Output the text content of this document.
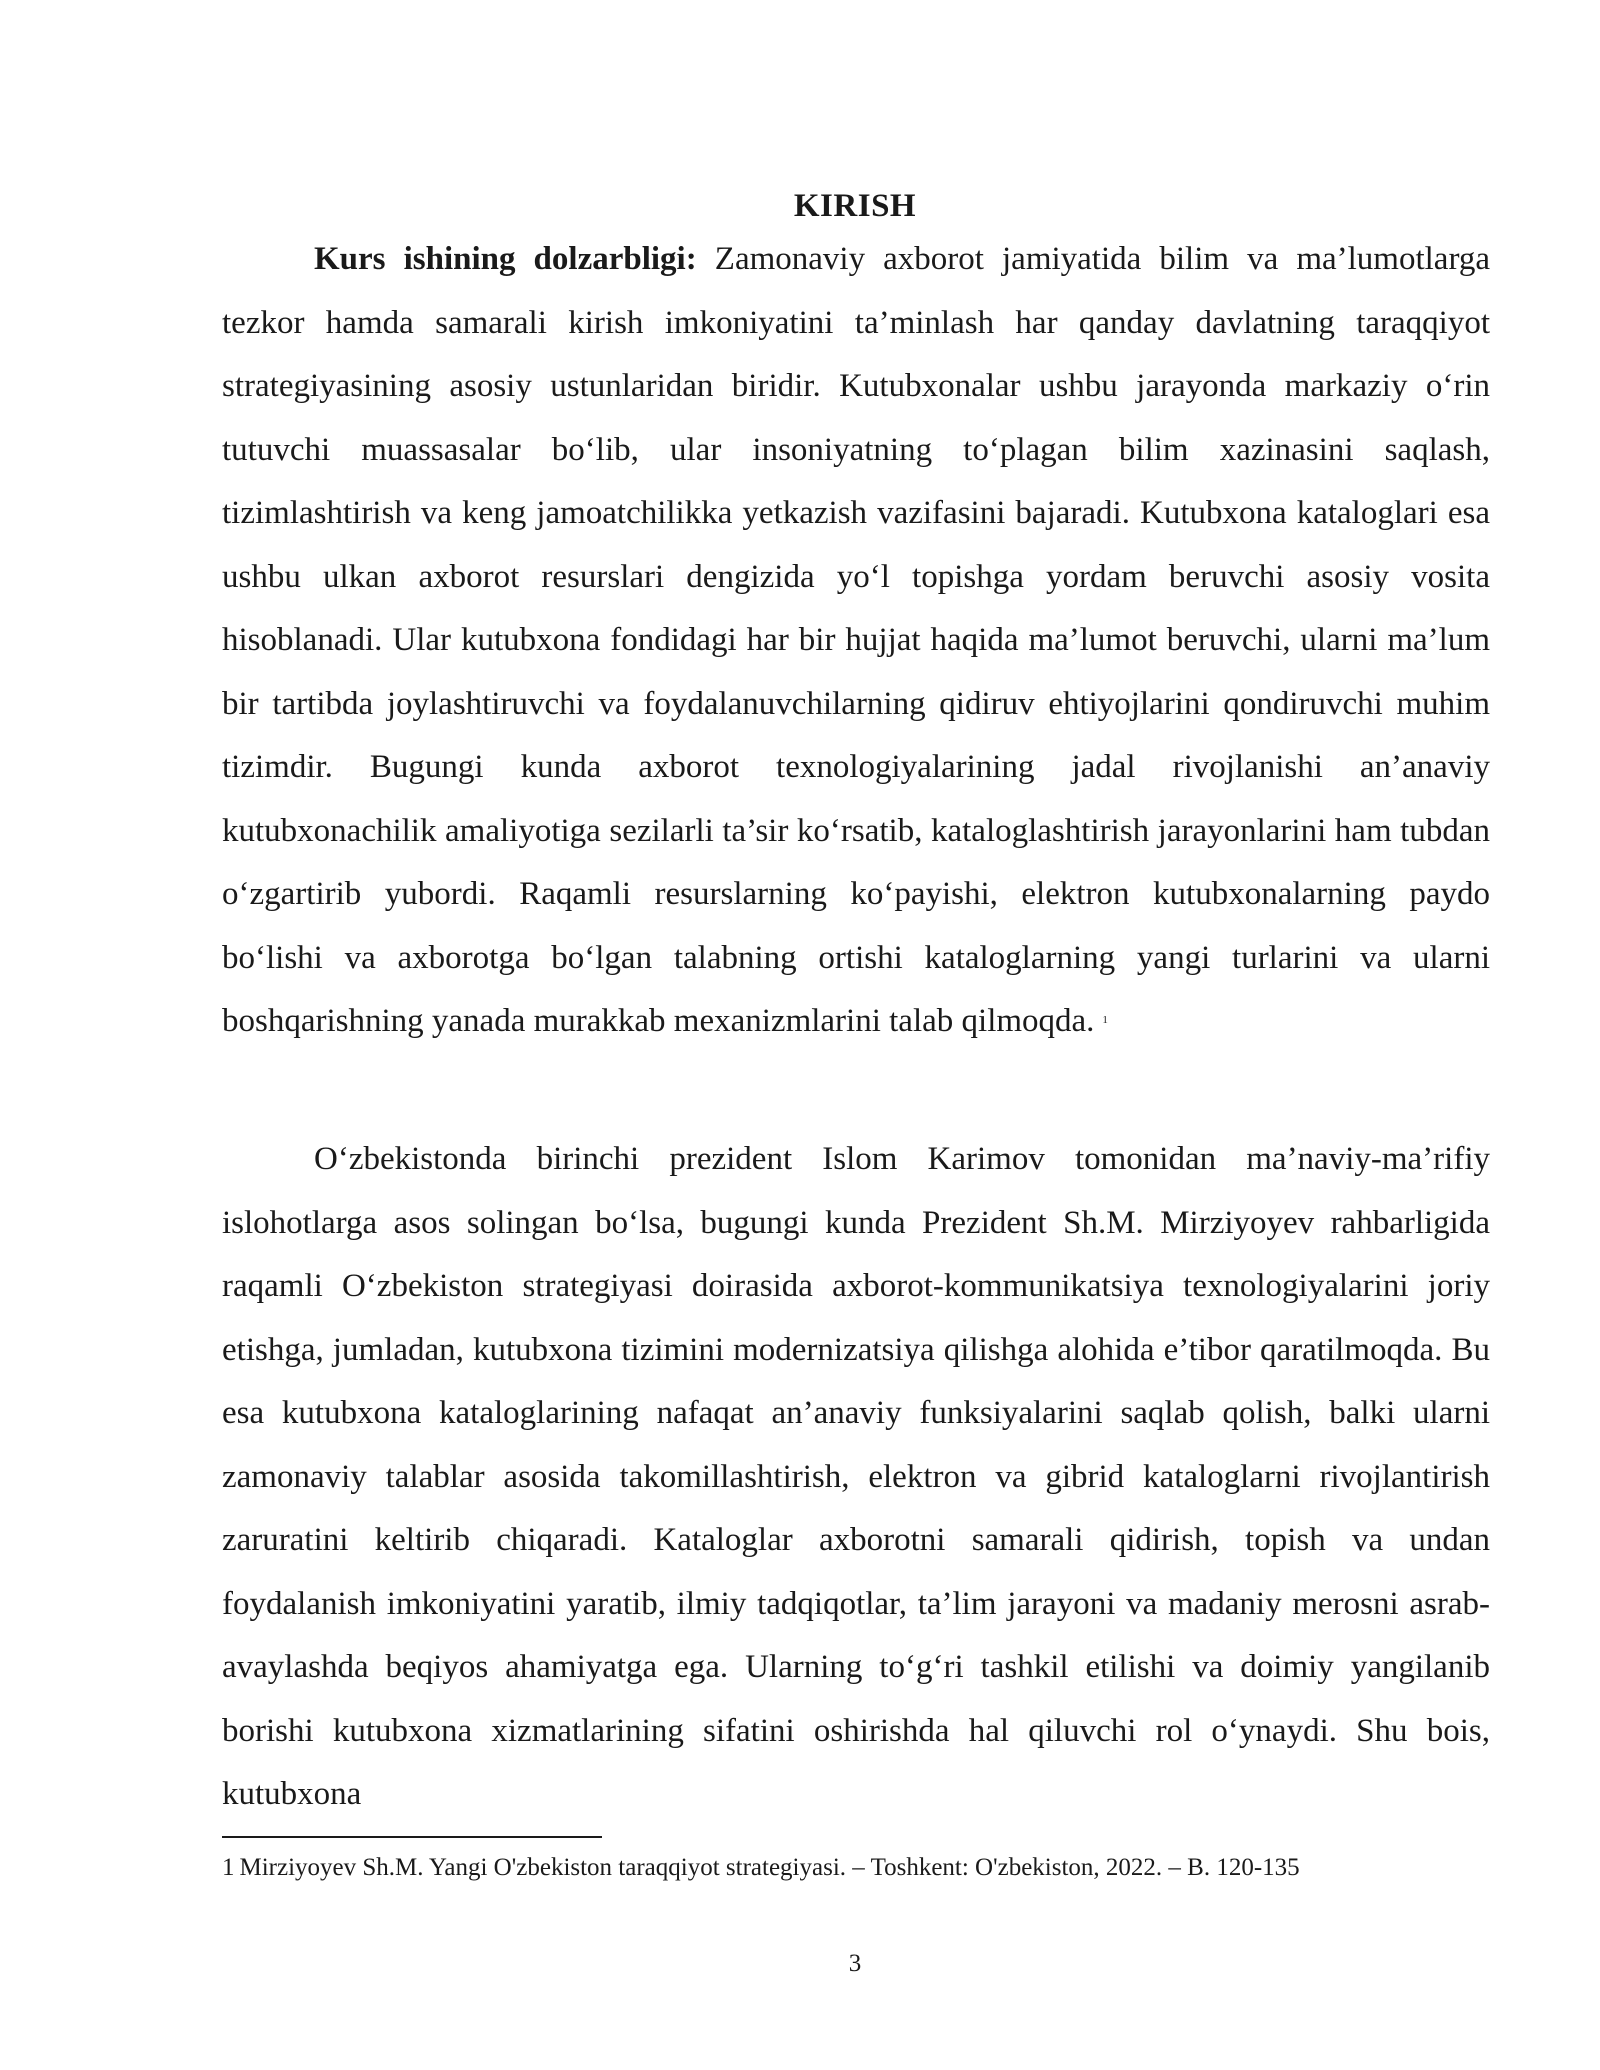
KIRISH

Kurs ishining dolzarbligi: Zamonaviy axborot jamiyatida bilim va ma’lumotlarga tezkor hamda samarali kirish imkoniyatini ta’minlash har qanday davlatning taraqqiyot strategiyasining asosiy ustunlaridan biridir. Kutubxonalar ushbu jarayonda markaziy oʻrin tutuvchi muassasalar boʻlib, ular insoniyatning toʻplagan bilim xazinasini saqlash, tizimlashtirish va keng jamoatchilikka yetkazish vazifasini bajaradi. Kutubxona kataloglari esa ushbu ulkan axborot resurslari dengizida yoʻl topishga yordam beruvchi asosiy vosita hisoblanadi. Ular kutubxona fondidagi har bir hujjat haqida ma’lumot beruvchi, ularni ma’lum bir tartibda joylashtiruvchi va foydalanuvchilarning qidiruv ehtiyojlarini qondiruvchi muhim tizimdir. Bugungi kunda axborot texnologiyalarining jadal rivojlanishi an’anaviy kutubxonachilik amaliyotiga sezilarli ta’sir koʻrsatib, kataloglashtirish jarayonlarini ham tubdan oʻzgartirib yubordi. Raqamli resurslarning koʻpayishi, elektron kutubxonalarning paydo boʻlishi va axborotga boʻlgan talabning ortishi kataloglarning yangi turlarini va ularni boshqarishning yanada murakkab mexanizmlarini talab qilmoqda. $^1$

Oʻzbekistonda birinchi prezident Islom Karimov tomonidan ma’naviy-ma’rifiy islohotlarga asos solingan boʻlsa, bugungi kunda Prezident Sh.M. Mirziyoyev rahbarligida raqamli Oʻzbekiston strategiyasi doirasida axborot-kommunikatsiya texnologiyalarini joriy etishga, jumladan, kutubxona tizimini modernizatsiya qilishga alohida e’tibor qaratilmoqda. Bu esa kutubxona kataloglarining nafaqat an’anaviy funksiyalarini saqlab qolish, balki ularni zamonaviy talablar asosida takomillashtirish, elektron va gibrid kataloglarni rivojlantirish zaruratini keltirib chiqaradi. Kataloglar axborotni samarali qidirish, topish va undan foydalanish imkoniyatini yaratib, ilmiy tadqiqotlar, ta’lim jarayoni va madaniy merosni asrab-avaylashda beqiyos ahamiyatga ega. Ularning toʻgʻri tashkil etilishi va doimiy yangilanib borishi kutubxona xizmatlarining sifatini oshirishda hal qiluvchi rol oʻynaydi. Shu bois, kutubxona

1 Mirziyoyev Sh.M. Yangi O'zbekiston taraqqiyot strategiyasi. – Toshkent: O'zbekiston, 2022. – B. 120-135

3
